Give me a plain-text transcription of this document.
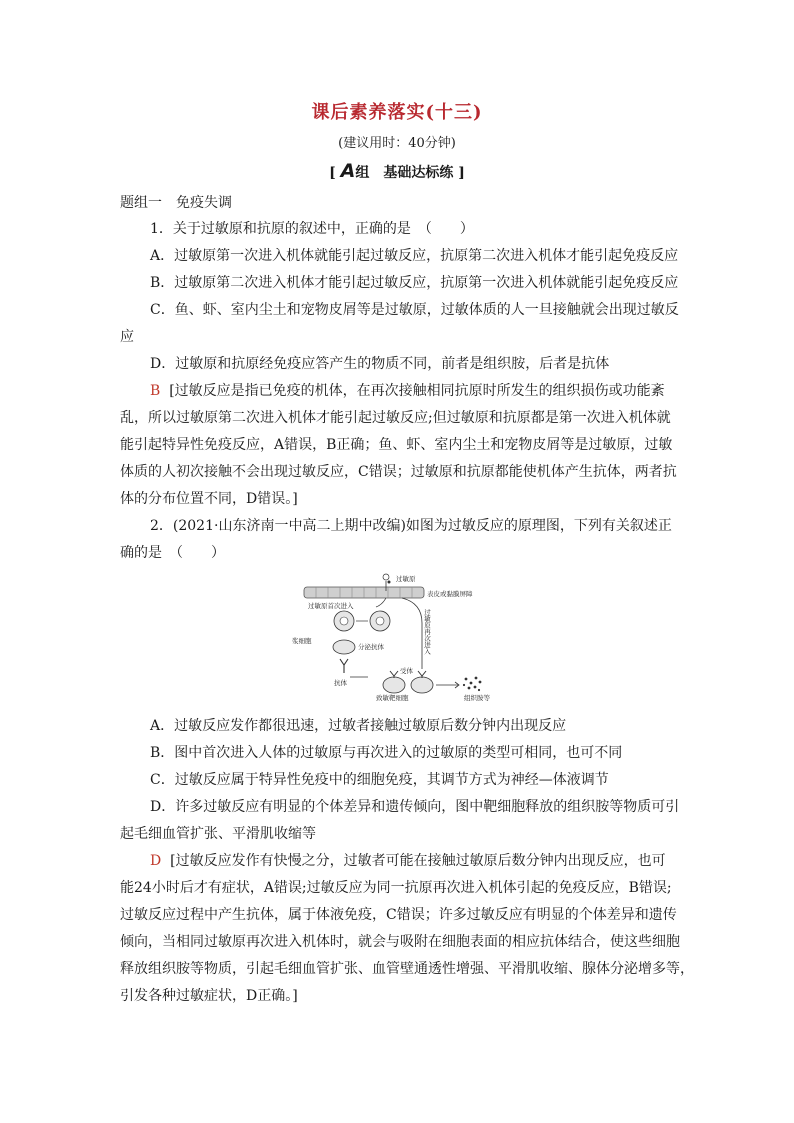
课后素养落实(十三)
(建议用时：40分钟)
[ A组　基础达标练 ]
题组一　免疫失调
1．关于过敏原和抗原的叙述中，正确的是　（　　）
A．过敏原第一次进入机体就能引起过敏反应，抗原第二次进入机体才能引起免疫反应
B．过敏原第二次进入机体才能引起过敏反应，抗原第一次进入机体就能引起免疫反应
C．鱼、虾、室内尘土和宠物皮屑等是过敏原，过敏体质的人一旦接触就会出现过敏反
应
D．过敏原和抗原经免疫应答产生的物质不同，前者是组织胺，后者是抗体
B [过敏反应是指已免疫的机体，在再次接触相同抗原时所发生的组织损伤或功能紊
乱，所以过敏原第二次进入机体才能引起过敏反应;但过敏原和抗原都是第一次进入机体就
能引起特异性免疫反应，A错误，B正确；鱼、虾、室内尘土和宠物皮屑等是过敏原，过敏
体质的人初次接触不会出现过敏反应，C错误；过敏原和抗原都能使机体产生抗体，两者抗
体的分布位置不同，D错误。]
2．(2021·山东济南一中高二上期中改编)如图为过敏反应的原理图，下列有关叙述正
确的是　（　　）
表皮或黏膜屏障
过敏原
过敏原首次进入
浆细胞
分泌抗体
抗体
过敏原再次进入
受体
致敏靶细胞	组织胺等
A．过敏反应发作都很迅速，过敏者接触过敏原后数分钟内出现反应
B．图中首次进入人体的过敏原与再次进入的过敏原的类型可相同，也可不同
C．过敏反应属于特异性免疫中的细胞免疫，其调节方式为神经—体液调节
D．许多过敏反应有明显的个体差异和遗传倾向，图中靶细胞释放的组织胺等物质可引
起毛细血管扩张、平滑肌收缩等
D [过敏反应发作有快慢之分，过敏者可能在接触过敏原后数分钟内出现反应，也可
能24小时后才有症状，A错误;过敏反应为同一抗原再次进入机体引起的免疫反应，B错误;
过敏反应过程中产生抗体，属于体液免疫，C错误；许多过敏反应有明显的个体差异和遗传
倾向，当相同过敏原再次进入机体时，就会与吸附在细胞表面的相应抗体结合，使这些细胞
释放组织胺等物质，引起毛细血管扩张、血管壁通透性增强、平滑肌收缩、腺体分泌增多等，
引发各种过敏症状，D正确。]
